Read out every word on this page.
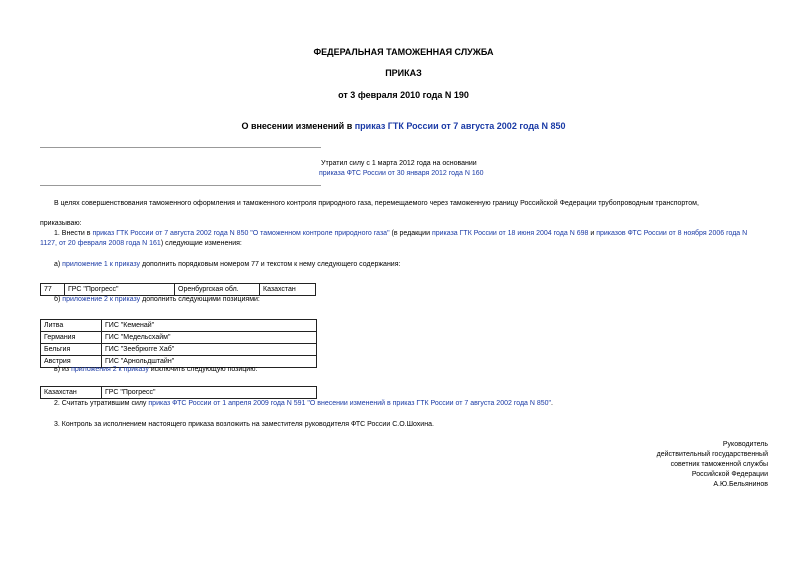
ФЕДЕРАЛЬНАЯ ТАМОЖЕННАЯ СЛУЖБА
ПРИКАЗ
от 3 февраля 2010 года N 190
О внесении изменений в приказ ГТК России от 7 августа 2002 года N 850
Утратил силу с 1 марта 2012 года на основании
приказа ФТС России от 30 января 2012 года N 160
В целях совершенствования таможенного оформления и таможенного контроля природного газа, перемещаемого через таможенную границу Российской Федерации трубопроводным транспортом,
приказываю:
1. Внести в приказ ГТК России от 7 августа 2002 года N 850 "О таможенном контроле природного газа" (в редакции приказа ГТК России от 18 июня 2004 года N 698 и приказов ФТС России от 8 ноября 2006 года N
1127, от 20 февраля 2008 года N 161) следующие изменения:
а) приложение 1 к приказу дополнить порядковым номером 77 и текстом к нему следующего содержания:
77	ГРС "Прогресс"	Оренбургская обл.	Казахстан
б) приложение 2 к приказу дополнить следующими позициями:
Литва	ГИС "Кеменай"
Германия	ГИС "Медельсхайм"
Бельгия	ГИС "Зеебрюгге Хаб"
Австрия	ГИС "Арнольдштайн"
в) из приложения 2 к приказу исключить следующую позицию:
Казахстан	ГРС "Прогресс"
2. Считать утратившим силу приказ ФТС России от 1 апреля 2009 года N 591 "О внесении изменений в приказ ГТК России от 7 августа 2002 года N 850".
3. Контроль за исполнением настоящего приказа возложить на заместителя руководителя ФТС России С.О.Шохина.
Руководитель
действительный государственный
советник таможенной службы
Российской Федерации
А.Ю.Бельянинов
